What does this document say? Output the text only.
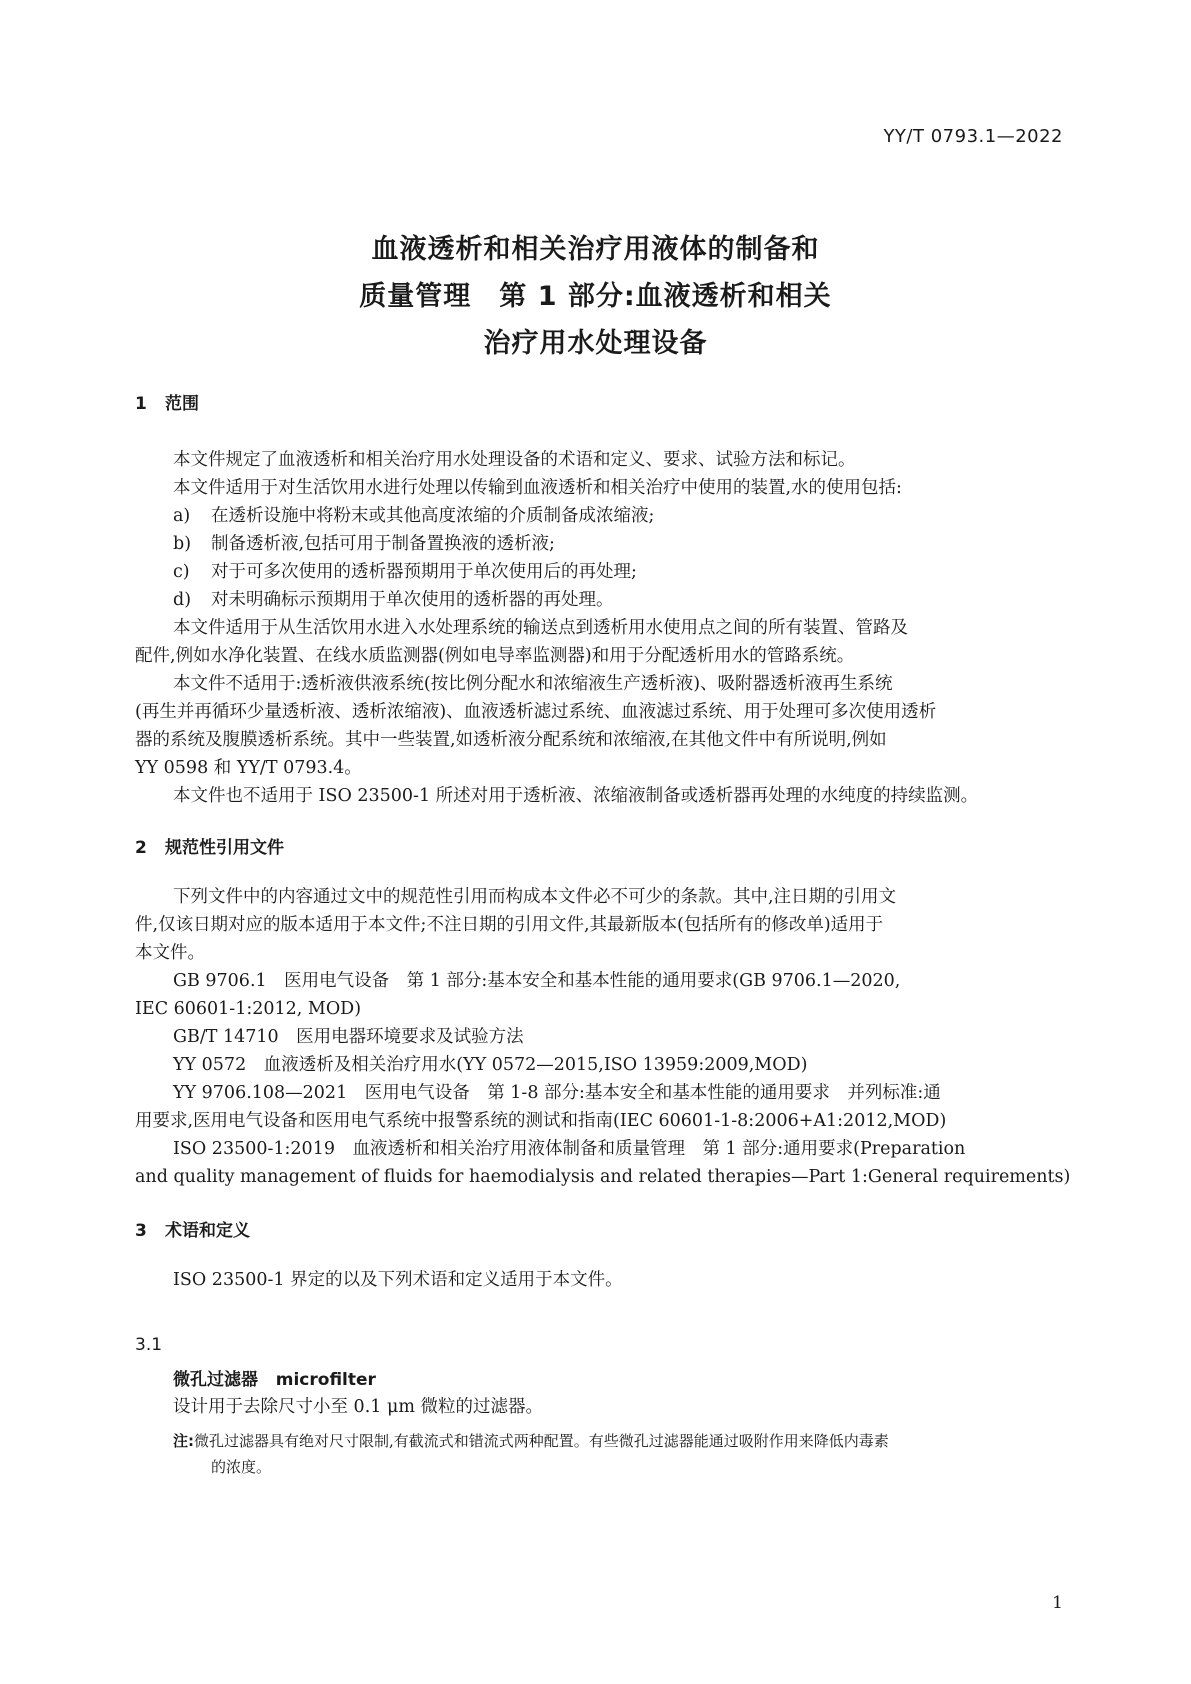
YY/T 0793.1—2022
血液透析和相关治疗用液体的制备和
质量管理　第 1 部分:血液透析和相关
治疗用水处理设备
1 范围
本文件规定了血液透析和相关治疗用水处理设备的术语和定义、要求、试验方法和标记。
本文件适用于对生活饮用水进行处理以传输到血液透析和相关治疗中使用的装置,水的使用包括:
a) 在透析设施中将粉末或其他高度浓缩的介质制备成浓缩液;
b) 制备透析液,包括可用于制备置换液的透析液;
c) 对于可多次使用的透析器预期用于单次使用后的再处理;
d) 对未明确标示预期用于单次使用的透析器的再处理。
本文件适用于从生活饮用水进入水处理系统的输送点到透析用水使用点之间的所有装置、管路及
配件,例如水净化装置、在线水质监测器(例如电导率监测器)和用于分配透析用水的管路系统。
本文件不适用于:透析液供液系统(按比例分配水和浓缩液生产透析液)、吸附器透析液再生系统
(再生并再循环少量透析液、透析浓缩液)、血液透析滤过系统、血液滤过系统、用于处理可多次使用透析
器的系统及腹膜透析系统。其中一些装置,如透析液分配系统和浓缩液,在其他文件中有所说明,例如
YY 0598 和 YY/T 0793.4。
本文件也不适用于 ISO 23500-1 所述对用于透析液、浓缩液制备或透析器再处理的水纯度的持续监测。
2 规范性引用文件
下列文件中的内容通过文中的规范性引用而构成本文件必不可少的条款。其中,注日期的引用文
件,仅该日期对应的版本适用于本文件;不注日期的引用文件,其最新版本(包括所有的修改单)适用于
本文件。
GB 9706.1　医用电气设备　第 1 部分:基本安全和基本性能的通用要求(GB 9706.1—2020,
IEC 60601-1:2012, MOD)
GB/T 14710　医用电器环境要求及试验方法
YY 0572　血液透析及相关治疗用水(YY 0572—2015,ISO 13959:2009,MOD)
YY 9706.108—2021　医用电气设备　第 1-8 部分:基本安全和基本性能的通用要求　并列标准:通
用要求,医用电气设备和医用电气系统中报警系统的测试和指南(IEC 60601-1-8:2006+A1:2012,MOD)
ISO 23500-1:2019　血液透析和相关治疗用液体制备和质量管理　第 1 部分:通用要求(Preparation
and quality management of fluids for haemodialysis and related therapies—Part 1:General requirements)
3 术语和定义
ISO 23500-1 界定的以及下列术语和定义适用于本文件。
3.1
微孔过滤器 microfilter
设计用于去除尺寸小至 0.1 μm 微粒的过滤器。
注:微孔过滤器具有绝对尺寸限制,有截流式和错流式两种配置。有些微孔过滤器能通过吸附作用来降低内毒素
的浓度。
1
